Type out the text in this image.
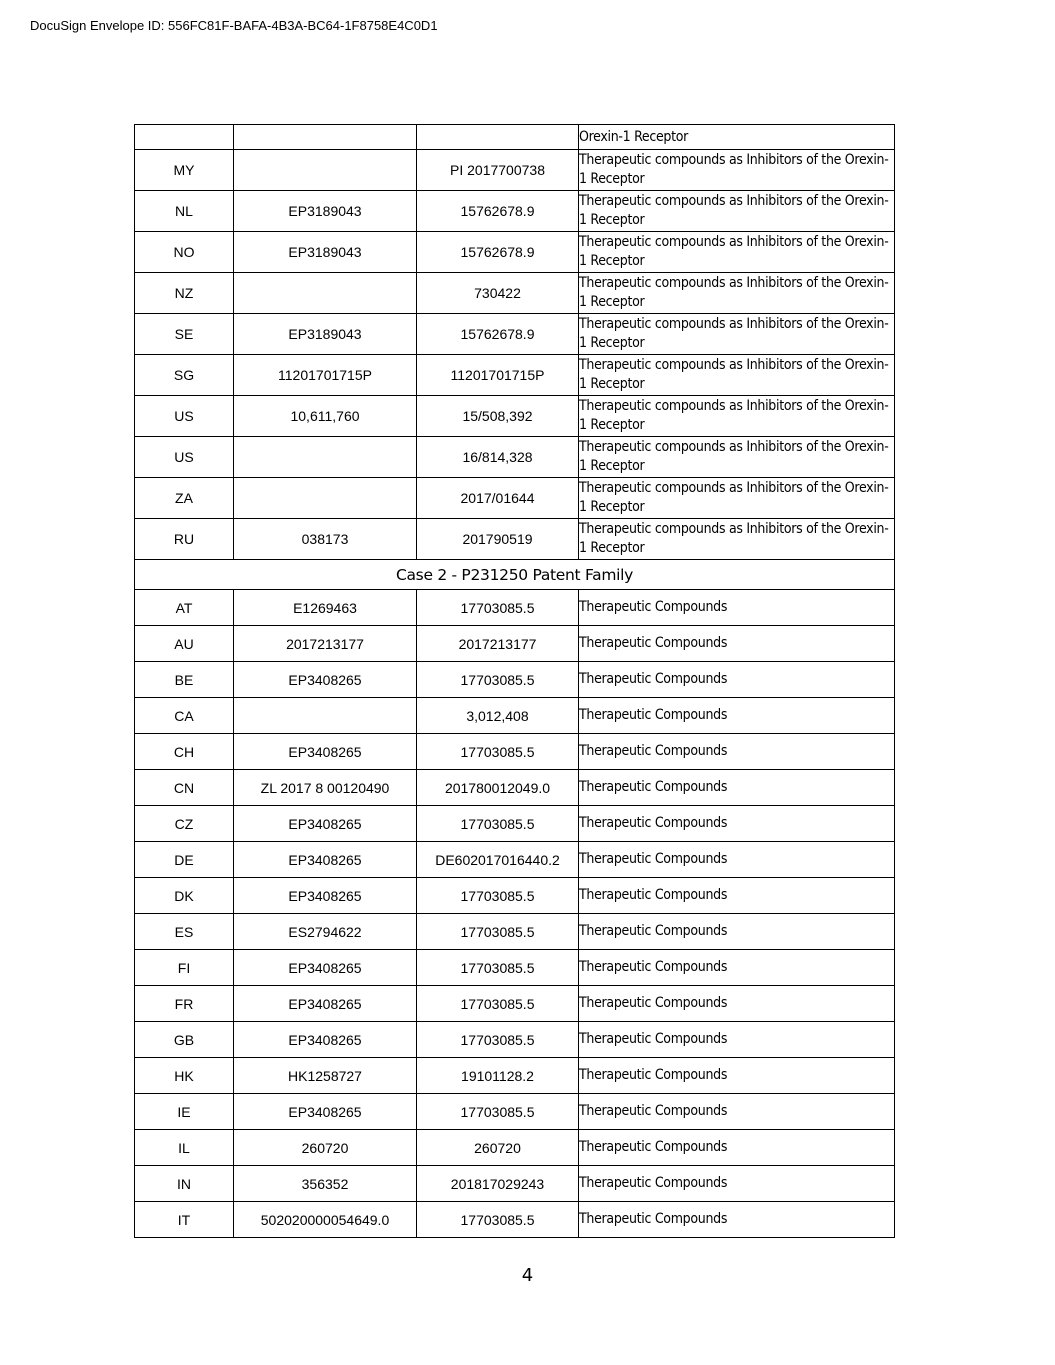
DocuSign Envelope ID: 556FC81F-BAFA-4B3A-BC64-1F8758E4C0D1
			Orexin-1 Receptor
MY		PI 2017700738	Therapeutic compounds as Inhibitors of the Orexin-1 Receptor
NL	EP3189043	15762678.9	Therapeutic compounds as Inhibitors of the Orexin-1 Receptor
NO	EP3189043	15762678.9	Therapeutic compounds as Inhibitors of the Orexin-1 Receptor
NZ		730422	Therapeutic compounds as Inhibitors of the Orexin-1 Receptor
SE	EP3189043	15762678.9	Therapeutic compounds as Inhibitors of the Orexin-1 Receptor
SG	11201701715P	11201701715P	Therapeutic compounds as Inhibitors of the Orexin-1 Receptor
US	10,611,760	15/508,392	Therapeutic compounds as Inhibitors of the Orexin-1 Receptor
US		16/814,328	Therapeutic compounds as Inhibitors of the Orexin-1 Receptor
ZA		2017/01644	Therapeutic compounds as Inhibitors of the Orexin-1 Receptor
RU	038173	201790519	Therapeutic compounds as Inhibitors of the Orexin-1 Receptor
Case 2 - P231250 Patent Family			
AT	E1269463	17703085.5	Therapeutic Compounds
AU	2017213177	2017213177	Therapeutic Compounds
BE	EP3408265	17703085.5	Therapeutic Compounds
CA		3,012,408	Therapeutic Compounds
CH	EP3408265	17703085.5	Therapeutic Compounds
CN	ZL 2017 8 00120490	201780012049.0	Therapeutic Compounds
CZ	EP3408265	17703085.5	Therapeutic Compounds
DE	EP3408265	DE602017016440.2	Therapeutic Compounds
DK	EP3408265	17703085.5	Therapeutic Compounds
ES	ES2794622	17703085.5	Therapeutic Compounds
FI	EP3408265	17703085.5	Therapeutic Compounds
FR	EP3408265	17703085.5	Therapeutic Compounds
GB	EP3408265	17703085.5	Therapeutic Compounds
HK	HK1258727	19101128.2	Therapeutic Compounds
IE	EP3408265	17703085.5	Therapeutic Compounds
IL	260720	260720	Therapeutic Compounds
IN	356352	201817029243	Therapeutic Compounds
IT	502020000054649.0	17703085.5	Therapeutic Compounds
4
